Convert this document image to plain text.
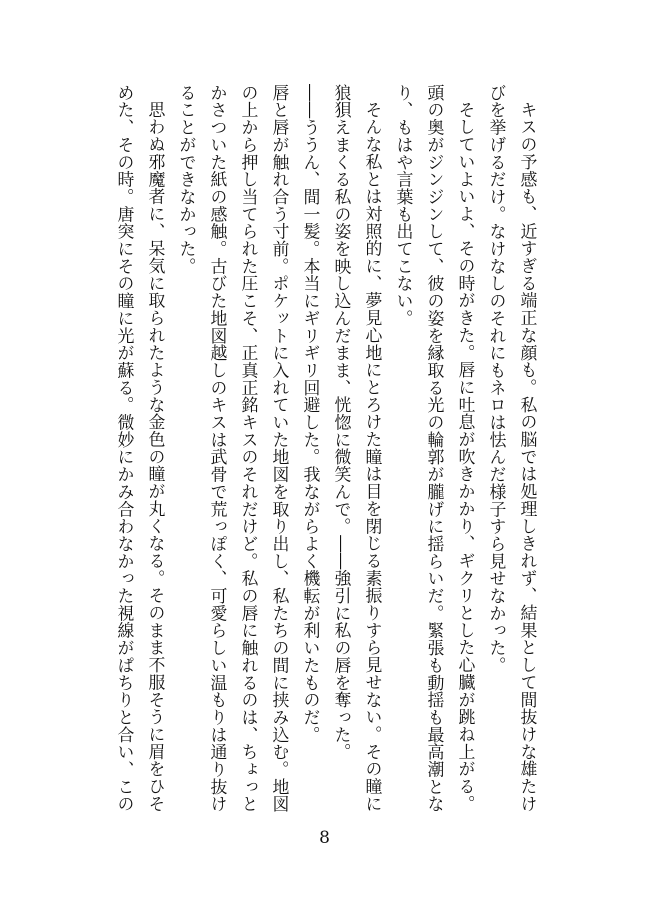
キスの予感も、近すぎる端正な顔も。私の脳では処理しきれず、結果として間抜けな雄たけびを挙げるだけ。なけなしのそれにもネロは怯んだ様子すら見せなかった。

そしていよいよ、その時がきた。唇に吐息が吹きかかり、ギクリとした心臓が跳ね上がる。頭の奥がジンジンして、彼の姿を縁取る光の輪郭が朧げに揺らいだ。緊張も動揺も最高潮となり、もはや言葉も出てこない。

そんな私とは対照的に、夢見心地にとろけた瞳は目を閉じる素振りすら見せない。その瞳に狼狽えまくる私の姿を映し込んだまま、恍惚に微笑んで。――強引に私の唇を奪った。

――ううん、間一髪。本当にギリギリ回避した。我ながらよく機転が利いたものだ。

唇と唇が触れ合う寸前。ポケットに入れていた地図を取り出し、私たちの間に挟み込む。地図の上から押し当てられた圧こそ、正真正銘キスのそれだけど。私の唇に触れるのは、ちょっとかさついた紙の感触。古びた地図越しのキスは武骨で荒っぽく、可愛らしい温もりは通り抜けることができなかった。

思わぬ邪魔者に、呆気に取られたような金色の瞳が丸くなる。そのまま不服そうに眉をひそめた、その時。唐突にその瞳に光が蘇る。微妙にかみ合わなかった視線がぱちりと合い、この

8
